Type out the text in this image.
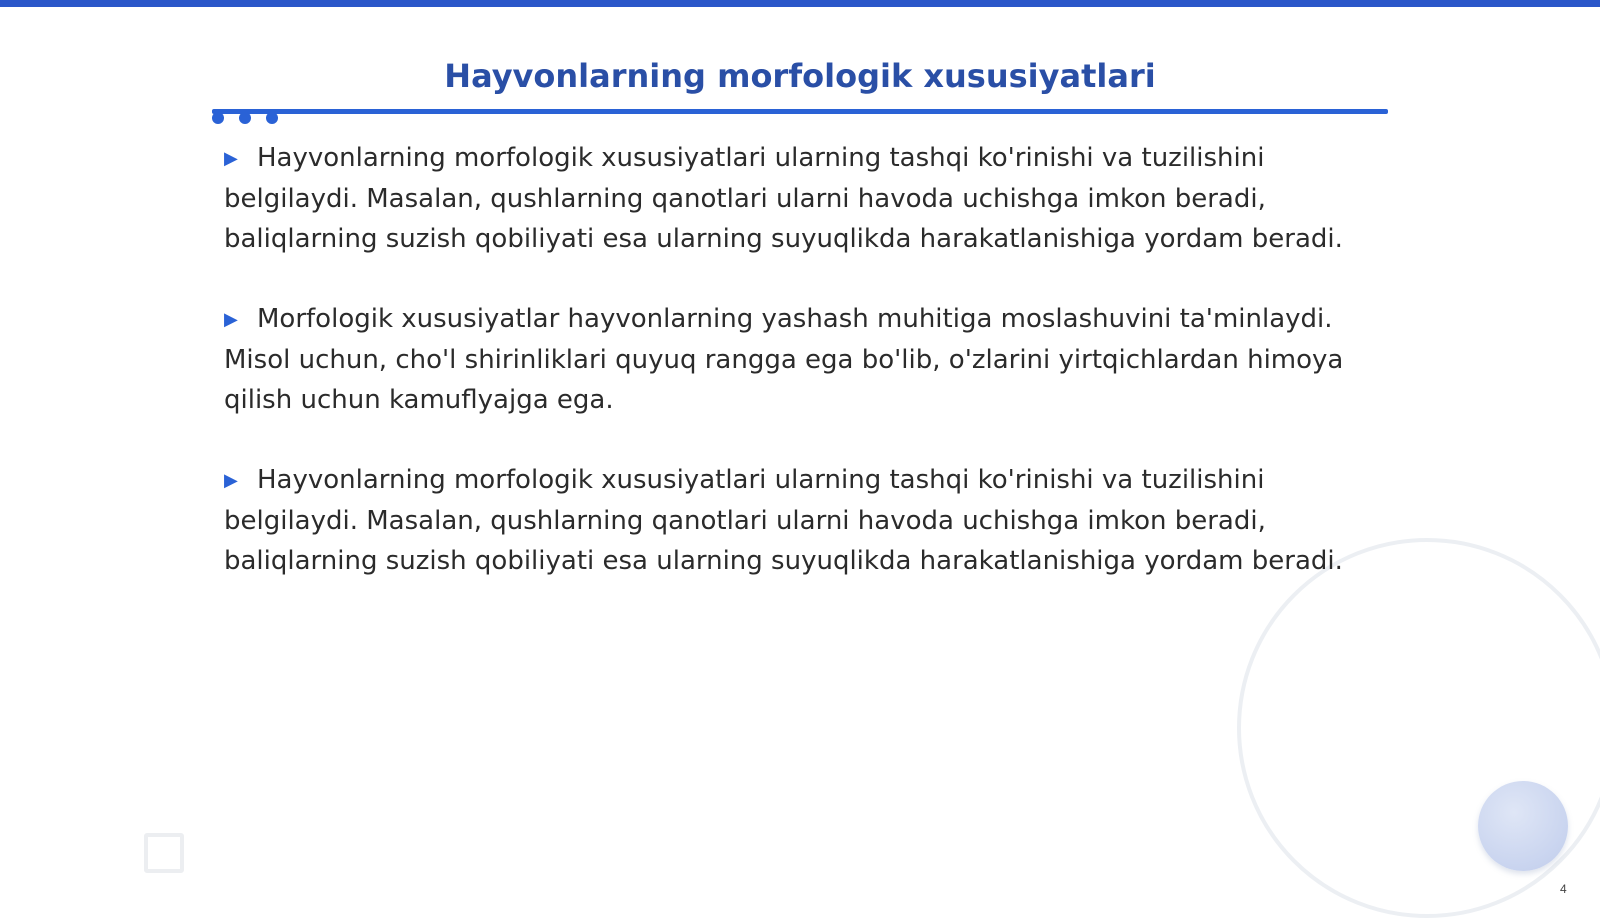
Hayvonlarning morfologik xususiyatlari

▶ Hayvonlarning morfologik xususiyatlari ularning tashqi ko'rinishi va tuzilishini belgilaydi. Masalan, qushlarning qanotlari ularni havoda uchishga imkon beradi, baliqlarning suzish qobiliyati esa ularning suyuqlikda harakatlanishiga yordam beradi.

▶ Morfologik xususiyatlar hayvonlarning yashash muhitiga moslashuvini ta'minlaydi. Misol uchun, cho'l shirinliklari quyuq rangga ega bo'lib, o'zlarini yirtqichlardan himoya qilish uchun kamuflyajga ega.

▶ Hayvonlarning morfologik xususiyatlari ularning tashqi ko'rinishi va tuzilishini belgilaydi. Masalan, qushlarning qanotlari ularni havoda uchishga imkon beradi, baliqlarning suzish qobiliyati esa ularning suyuqlikda harakatlanishiga yordam beradi.

4
